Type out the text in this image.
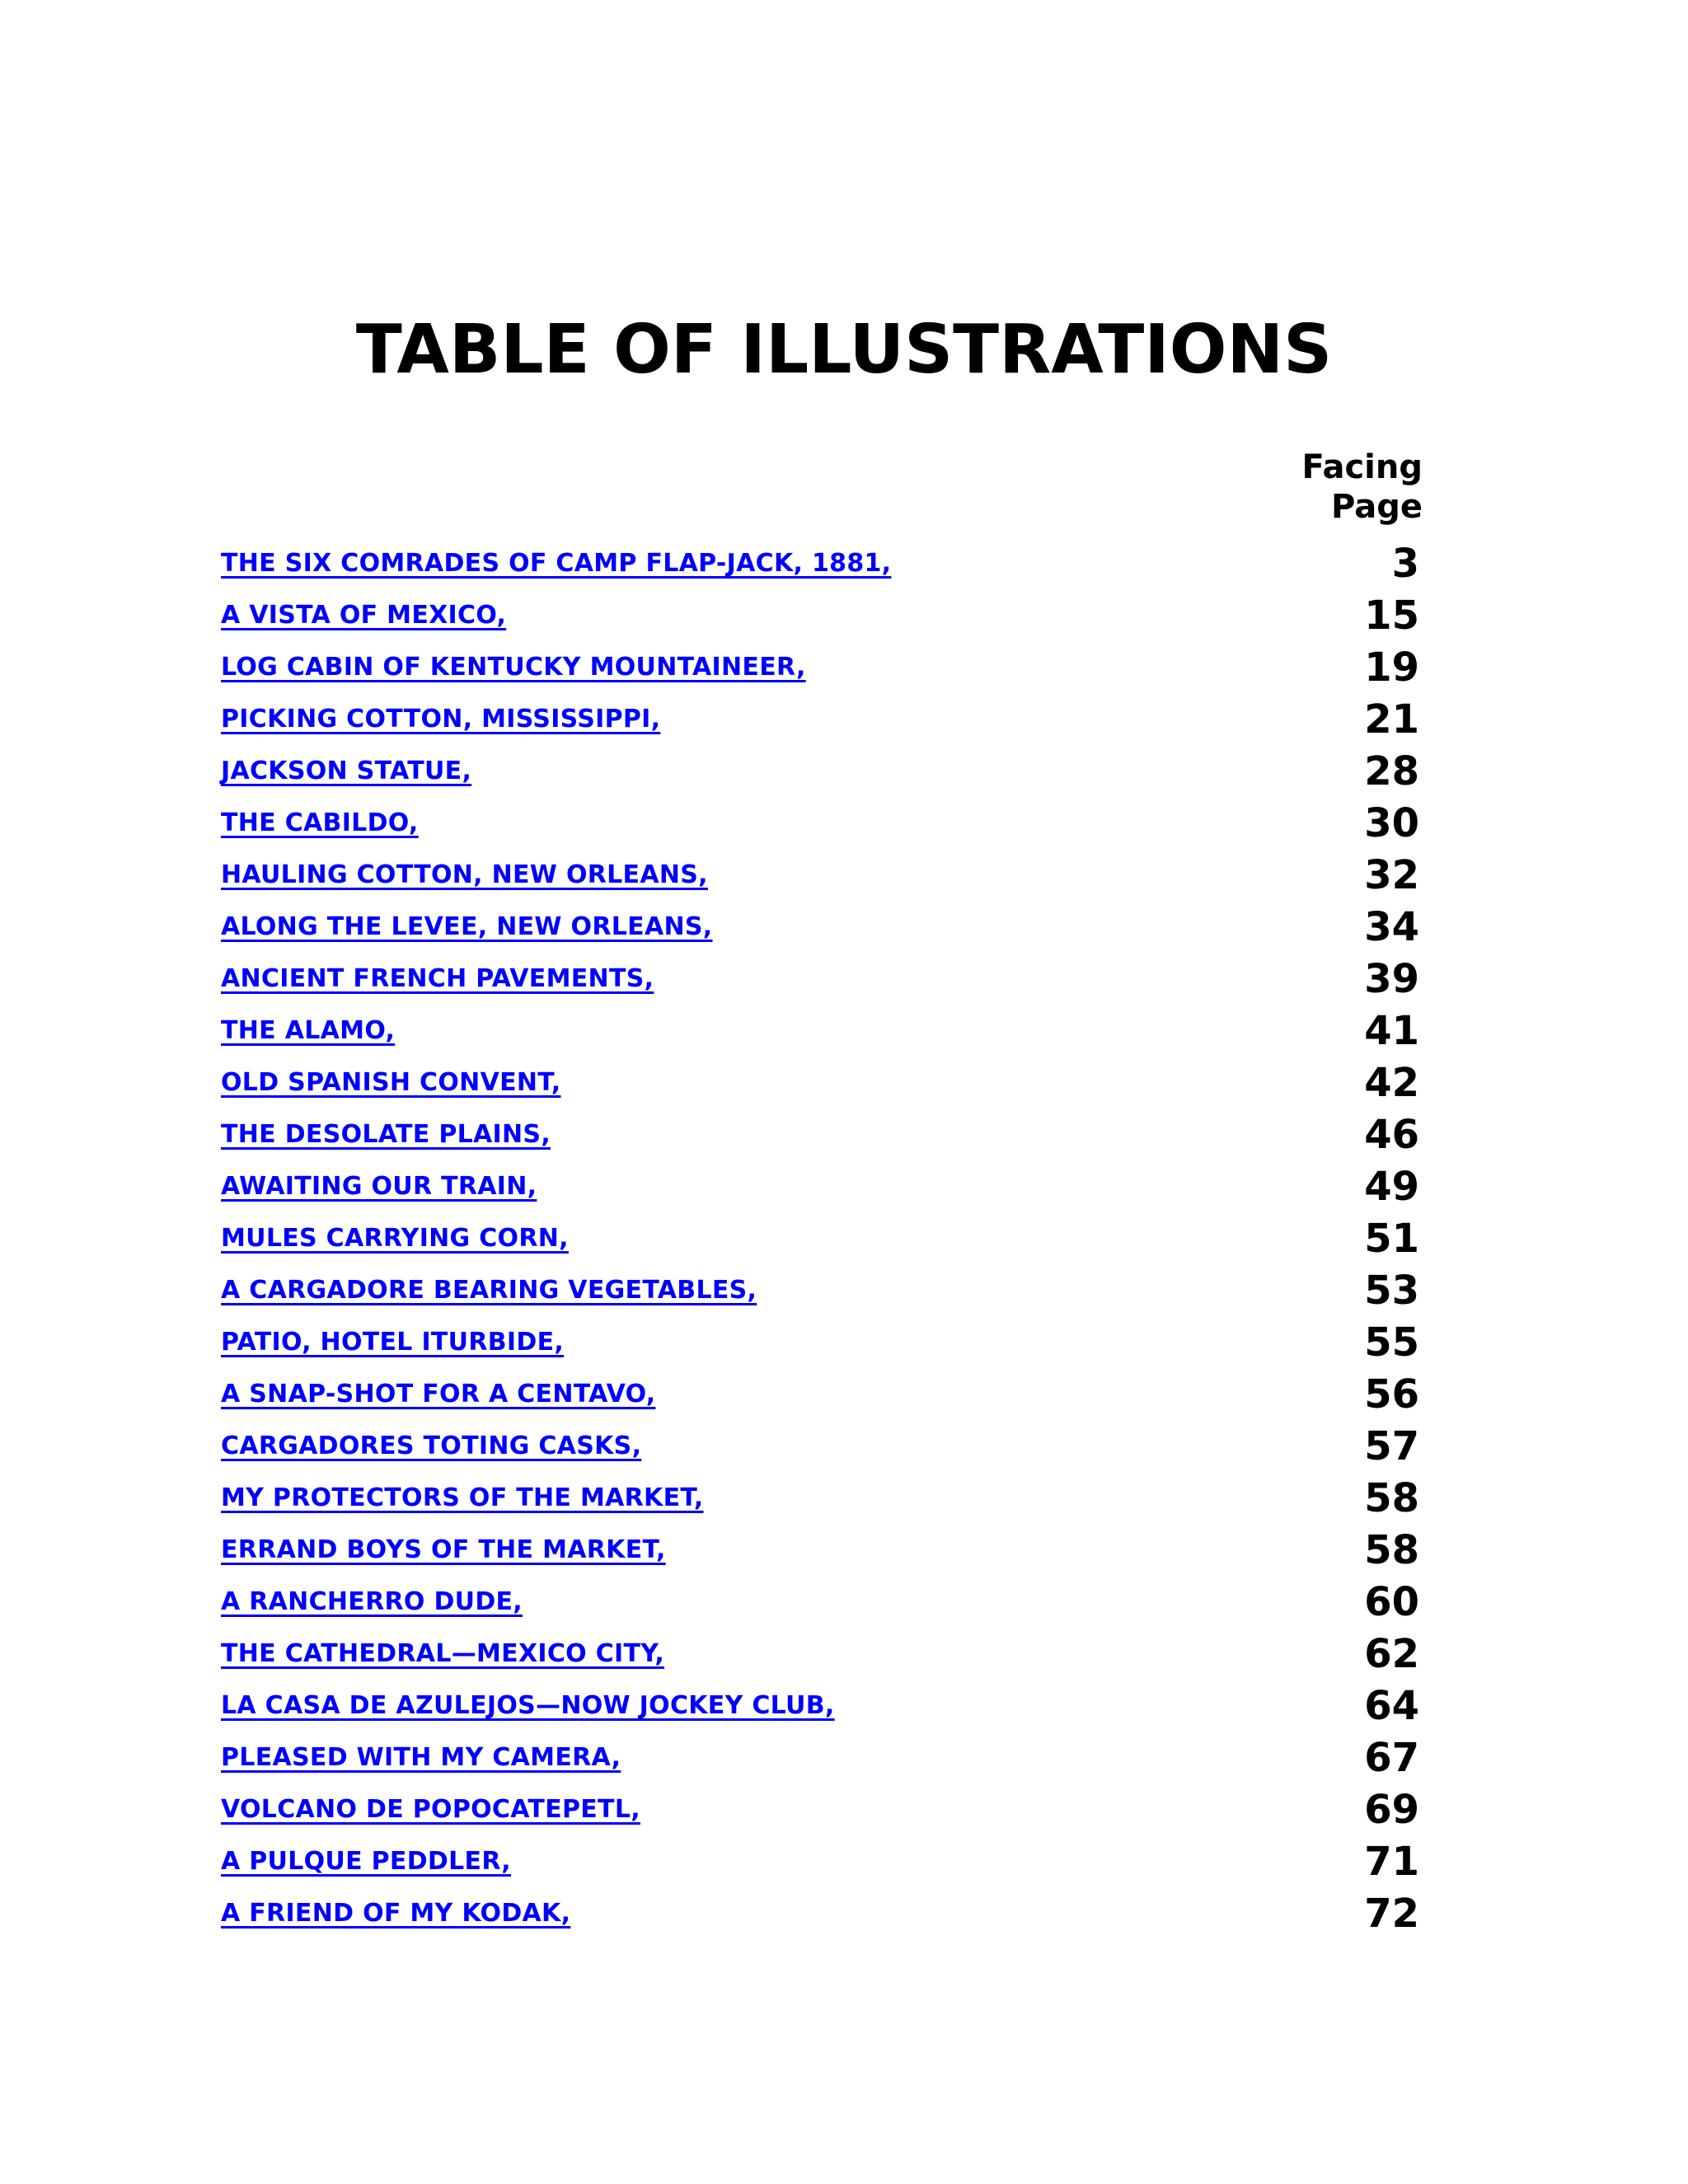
TABLE OF ILLUSTRATIONS
Facing
Page
THE SIX COMRADES OF CAMP FLAP-JACK, 1881,	3
A VISTA OF MEXICO,	15
LOG CABIN OF KENTUCKY MOUNTAINEER,	19
PICKING COTTON, MISSISSIPPI,	21
JACKSON STATUE,	28
THE CABILDO,	30
HAULING COTTON, NEW ORLEANS,	32
ALONG THE LEVEE, NEW ORLEANS,	34
ANCIENT FRENCH PAVEMENTS,	39
THE ALAMO,	41
OLD SPANISH CONVENT,	42
THE DESOLATE PLAINS,	46
AWAITING OUR TRAIN,	49
MULES CARRYING CORN,	51
A CARGADORE BEARING VEGETABLES,	53
PATIO, HOTEL ITURBIDE,	55
A SNAP-SHOT FOR A CENTAVO,	56
CARGADORES TOTING CASKS,	57
MY PROTECTORS OF THE MARKET,	58
ERRAND BOYS OF THE MARKET,	58
A RANCHERRO DUDE,	60
THE CATHEDRAL—MEXICO CITY,	62
LA CASA DE AZULEJOS—NOW JOCKEY CLUB,	64
PLEASED WITH MY CAMERA,	67
VOLCANO DE POPOCATEPETL,	69
A PULQUE PEDDLER,	71
A FRIEND OF MY KODAK,	72
